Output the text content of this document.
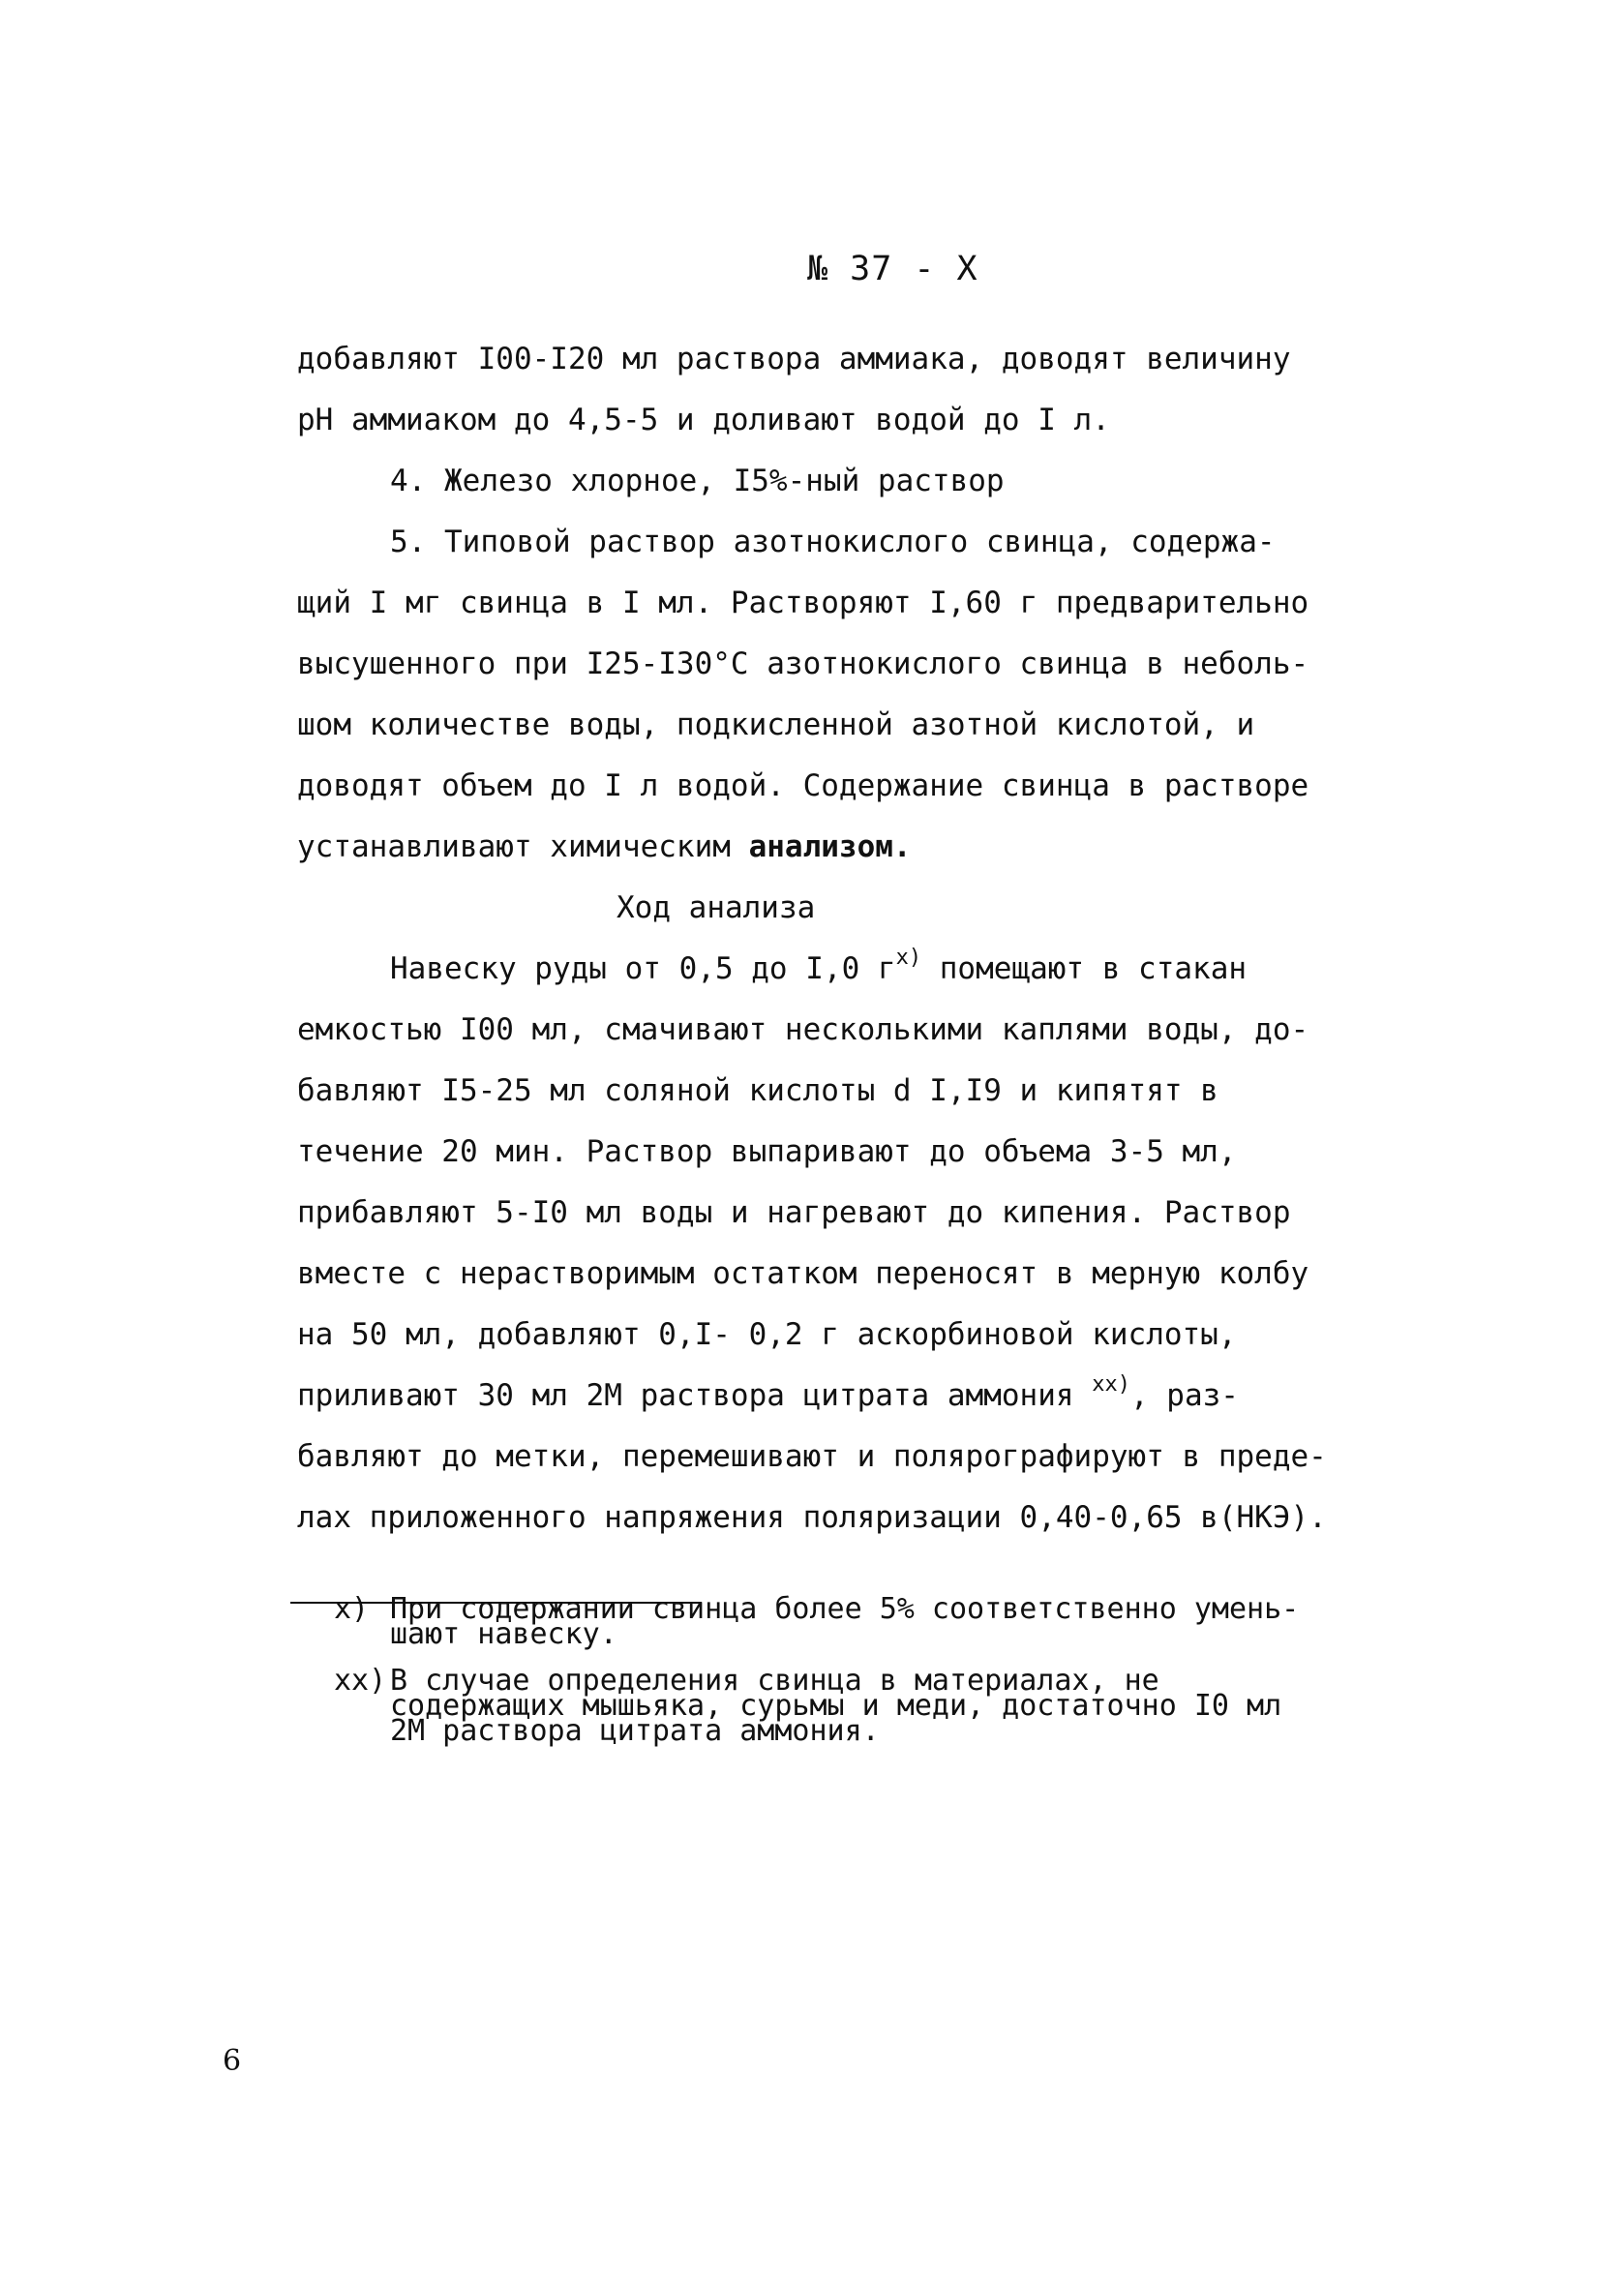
№ 37 - X
добавляют I00-I20 мл раствора аммиака, доводят величину
рН аммиаком до 4,5-5 и доливают водой до I л.
4. Железо хлорное, I5%-ный раствор
5. Типовой раствор азотнокислого свинца, содержа-
щий I мг свинца в I мл. Растворяют I,60 г предварительно
высушенного при I25-I30°С азотнокислого свинца в неболь-
шом количестве воды, подкисленной азотной кислотой, и
доводят объем до I л водой. Содержание свинца в растворе
устанавливают химическим анализом.
Ход анализа
Навеску руды от 0,5 до I,0 $г^{x)}$ помещают в стакан
емкостью I00 мл, смачивают несколькими каплями воды, до-
бавляют I5-25 мл соляной кислоты d I,I9 и кипятят в
течение 20 мин. Раствор выпаривают до объема 3-5 мл,
прибавляют 5-I0 мл воды и нагревают до кипения. Раствор
вместе с нерастворимым остатком переносят в мерную колбу
на 50 мл, добавляют 0,I- 0,2 г аскорбиновой кислоты,
приливают 30 мл 2М раствора цитрата аммония $^{xx)}$, раз-
бавляют до метки, перемешивают и полярографируют в преде-
лах приложенного напряжения поляризации 0,40-0,65 в(НКЭ).
x) При содержании свинца более 5% соответственно умень-
шают навеску.
xx) В случае определения свинца в материалах, не
содержащих мышьяка, сурьмы и меди, достаточно I0 мл
2М раствора цитрата аммония.
6
